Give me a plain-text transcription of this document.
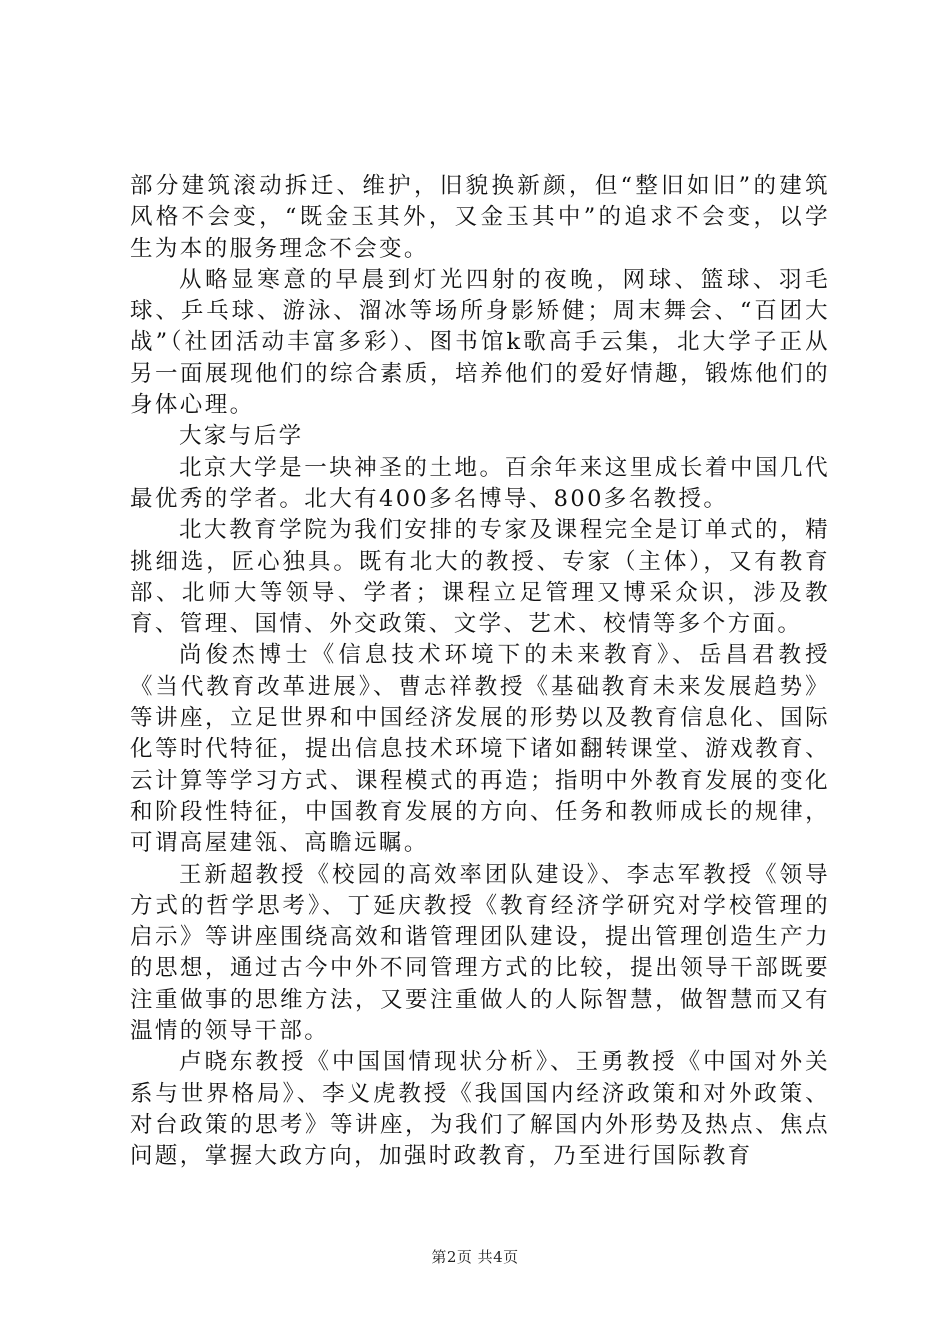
部分建筑滚动拆迁、维护，旧貌换新颜，但“整旧如旧”的建筑风格不会变，“既金玉其外，又金玉其中”的追求不会变，以学生为本的服务理念不会变。

从略显寒意的早晨到灯光四射的夜晚，网球、篮球、羽毛球、乒乓球、游泳、溜冰等场所身影矫健；周末舞会、“百团大战”（社团活动丰富多彩）、图书馆k歌高手云集，北大学子正从另一面展现他们的综合素质，培养他们的爱好情趣，锻炼他们的身体心理。

大家与后学

北京大学是一块神圣的土地。百余年来这里成长着中国几代最优秀的学者。北大有400多名博导、800多名教授。

北大教育学院为我们安排的专家及课程完全是订单式的，精挑细选，匠心独具。既有北大的教授、专家（主体），又有教育部、北师大等领导、学者；课程立足管理又博采众识，涉及教育、管理、国情、外交政策、文学、艺术、校情等多个方面。

尚俊杰博士《信息技术环境下的未来教育》、岳昌君教授《当代教育改革进展》、曹志祥教授《基础教育未来发展趋势》等讲座，立足世界和中国经济发展的形势以及教育信息化、国际化等时代特征，提出信息技术环境下诸如翻转课堂、游戏教育、云计算等学习方式、课程模式的再造；指明中外教育发展的变化和阶段性特征，中国教育发展的方向、任务和教师成长的规律，可谓高屋建瓴、高瞻远瞩。

王新超教授《校园的高效率团队建设》、李志军教授《领导方式的哲学思考》、丁延庆教授《教育经济学研究对学校管理的启示》等讲座围绕高效和谐管理团队建设，提出管理创造生产力的思想，通过古今中外不同管理方式的比较，提出领导干部既要注重做事的思维方法，又要注重做人的人际智慧，做智慧而又有温情的领导干部。

卢晓东教授《中国国情现状分析》、王勇教授《中国对外关系与世界格局》、李义虎教授《我国国内经济政策和对外政策、对台政策的思考》等讲座，为我们了解国内外形势及热点、焦点问题，掌握大政方向，加强时政教育，乃至进行国际教育

第2页 共4页
